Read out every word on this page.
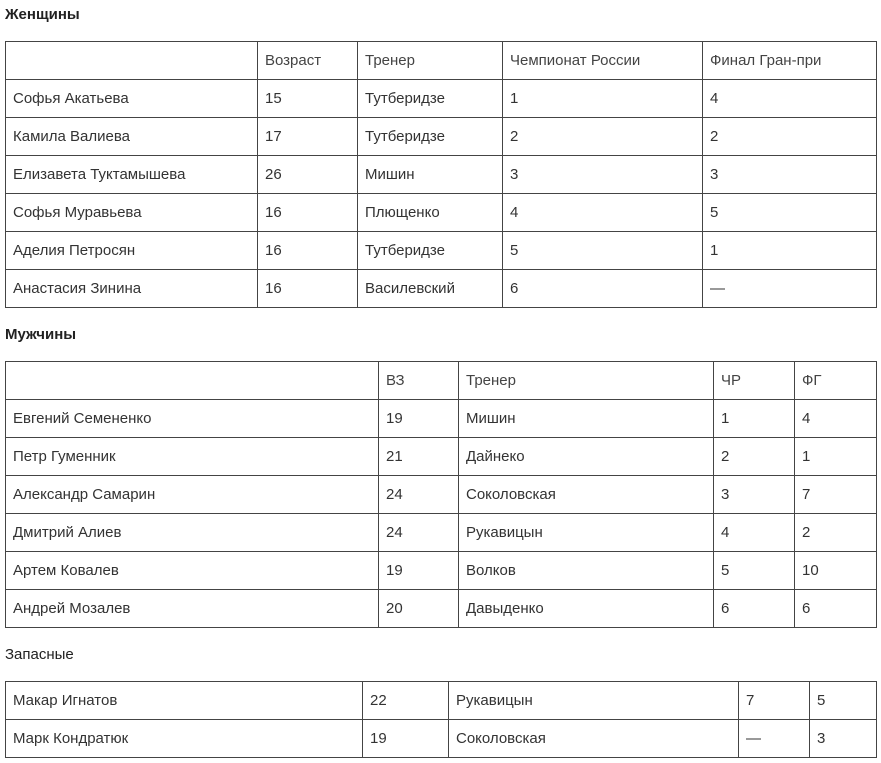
Женщины
	Возраст	Тренер	Чемпионат России	Финал Гран-при
Софья Акатьева	15	Тутберидзе	1	4
Камила Валиева	17	Тутберидзе	2	2
Елизавета Туктамышева	26	Мишин	3	3
Софья Муравьева	16	Плющенко	4	5
Аделия Петросян	16	Тутберидзе	5	1
Анастасия Зинина	16	Василевский	6	—
Мужчины
	ВЗ	Тренер	ЧР	ФГ
Евгений Семененко	19	Мишин	1	4
Петр Гуменник	21	Дайнеко	2	1
Александр Самарин	24	Соколовская	3	7
Дмитрий Алиев	24	Рукавицын	4	2
Артем Ковалев	19	Волков	5	10
Андрей Мозалев	20	Давыденко	6	6

Запасные

Макар Игнатов	22	Рукавицын	7	5
Марк Кондратюк	19	Соколовская	—	3
